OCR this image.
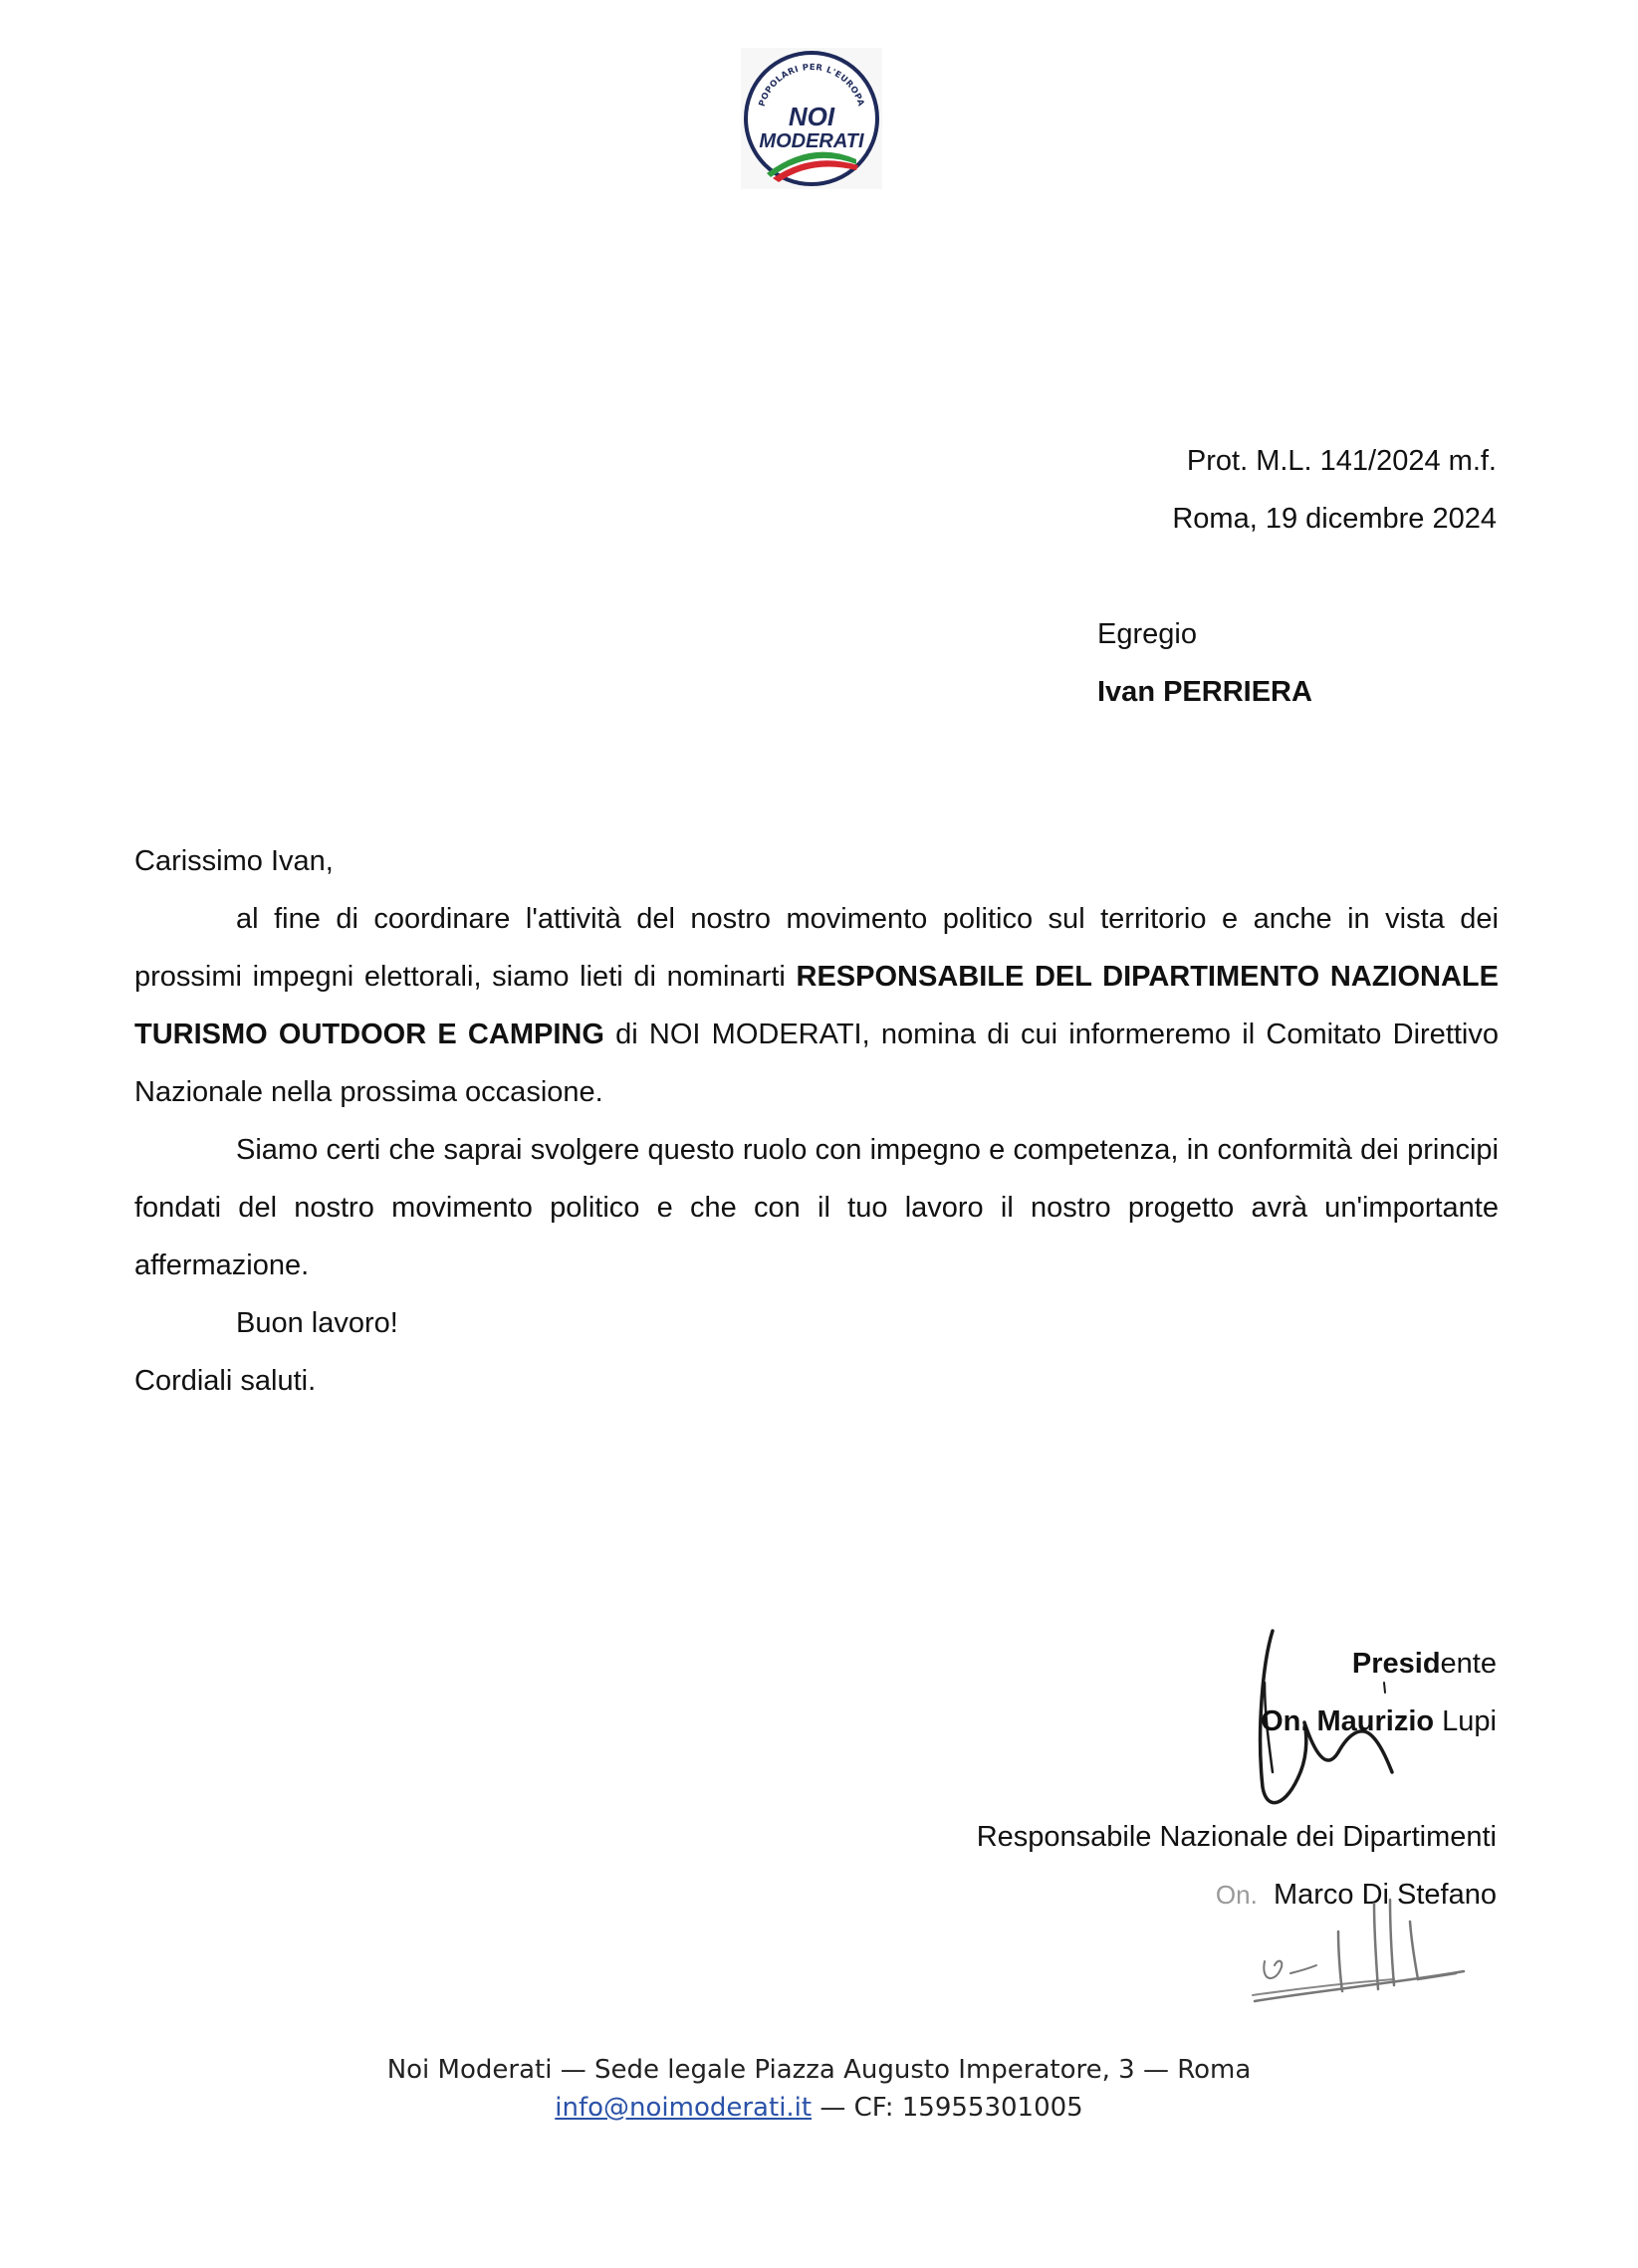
POPOLARI PER L'EUROPA
NOI
MODERATI
Prot. M.L. 141/2024 m.f.
Roma, 19 dicembre 2024
Egregio
Ivan PERRIERA
Carissimo Ivan,

al fine di coordinare l'attività del nostro movimento politico sul territorio e anche in vista dei prossimi impegni elettorali, siamo lieti di nominarti RESPONSABILE DEL DIPARTIMENTO NAZIONALE TURISMO OUTDOOR E CAMPING di NOI MODERATI, nomina di cui informeremo il Comitato Direttivo Nazionale nella prossima occasione.

Siamo certi che saprai svolgere questo ruolo con impegno e competenza, in conformità dei principi fondati del nostro movimento politico e che con il tuo lavoro il nostro progetto avrà un'importante affermazione.

Buon lavoro!

Cordiali saluti.
Presidente
On. Maurizio Lupi
Responsabile Nazionale dei Dipartimenti
On. Marco Di Stefano
Noi Moderati — Sede legale Piazza Augusto Imperatore, 3 — Roma
info@noimoderati.it — CF: 15955301005
